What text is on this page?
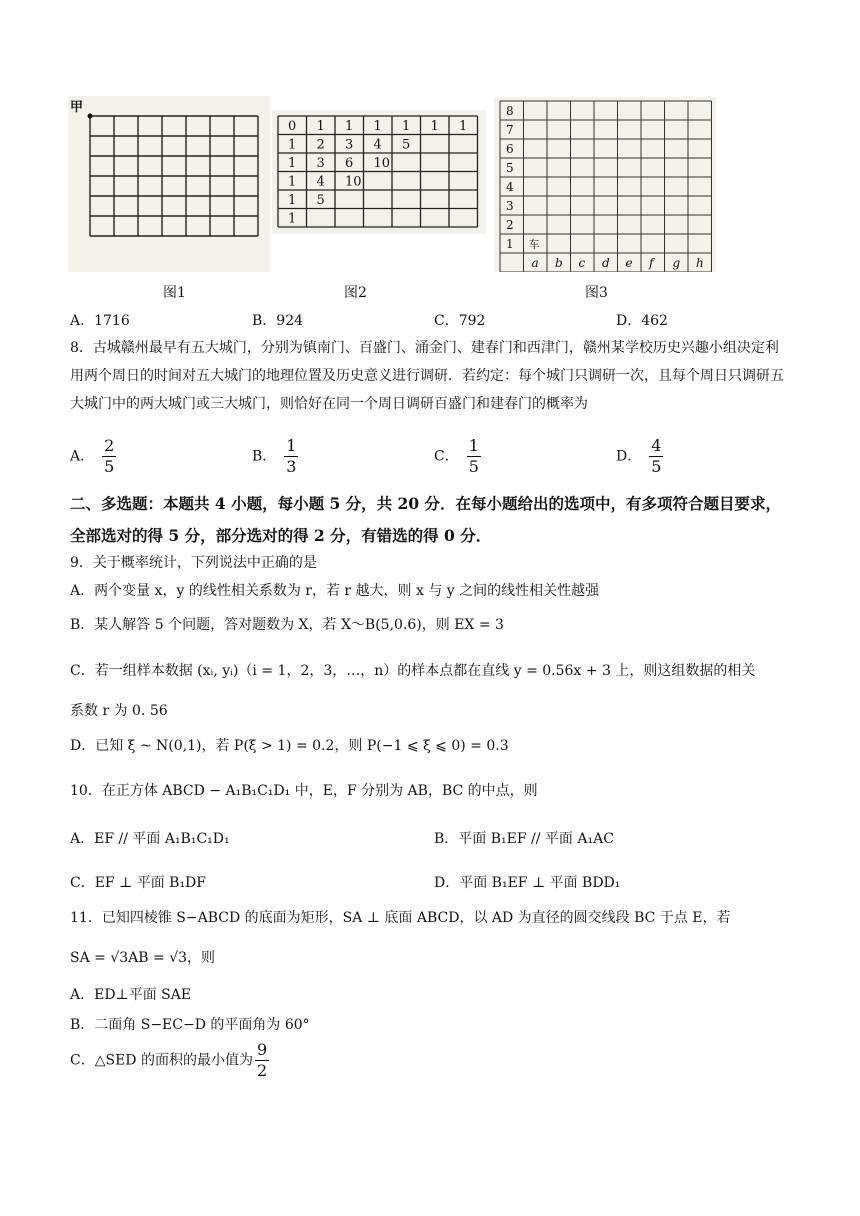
甲
图1
0 1 1 1 1 1 1
1 2 3 4 5
1 3 6 10
1 4 10
1 5
1
图2
8
7
6
5
4
3
2
1
a b c d e f g h
车
图3
A．1716	B．924	C．792	D．462
8．古城赣州最早有五大城门，分别为镇南门、百盛门、涌金门、建春门和西津门，赣州某学校历史兴趣小组决定利用两个周日的时间对五大城门的地理位置及历史意义进行调研．若约定：每个城门只调研一次，且每个周日只调研五大城门中的两大城门或三大城门，则恰好在同一个周日调研百盛门和建春门的概率为
A． $\frac{2}{5}$	B． $\frac{1}{3}$	C． $\frac{1}{5}$	D． $\frac{4}{5}$
二、多选题：本题共 4 小题，每小题 5 分，共 20 分．在每小题给出的选项中，有多项符合题目要求，全部选对的得 5 分，部分选对的得 2 分，有错选的得 0 分．
9．关于概率统计，下列说法中正确的是
A．两个变量 x，y 的线性相关系数为 r，若 r 越大，则 x 与 y 之间的线性相关性越强
B．某人解答 5 个问题，答对题数为 X，若 X～B(5,0.6)，则 EX = 3
C．若一组样本数据 (xᵢ, yᵢ)（i = 1，2，3，…，n）的样本点都在直线 y = 0.56x + 3 上，则这组数据的相关
系数 r 为 0. 56
D．已知 ξ ~ N(0,1)，若 P(ξ > 1) = 0.2，则 P(−1 ⩽ ξ ⩽ 0) = 0.3
10．在正方体 ABCD − A₁B₁C₁D₁ 中，E，F 分别为 AB，BC 的中点，则
A．EF // 平面 A₁B₁C₁D₁	B．平面 B₁EF // 平面 A₁AC
C．EF ⊥ 平面 B₁DF	D．平面 B₁EF ⊥ 平面 BDD₁
11．已知四棱锥 S−ABCD 的底面为矩形，SA ⊥ 底面 ABCD，以 AD 为直径的圆交线段 BC 于点 E，若
SA = √3AB = √3，则
A．ED⊥平面 SAE
B．二面角 S−EC−D 的平面角为 60°
C．△SED 的面积的最小值为 $\frac{9}{2}$
